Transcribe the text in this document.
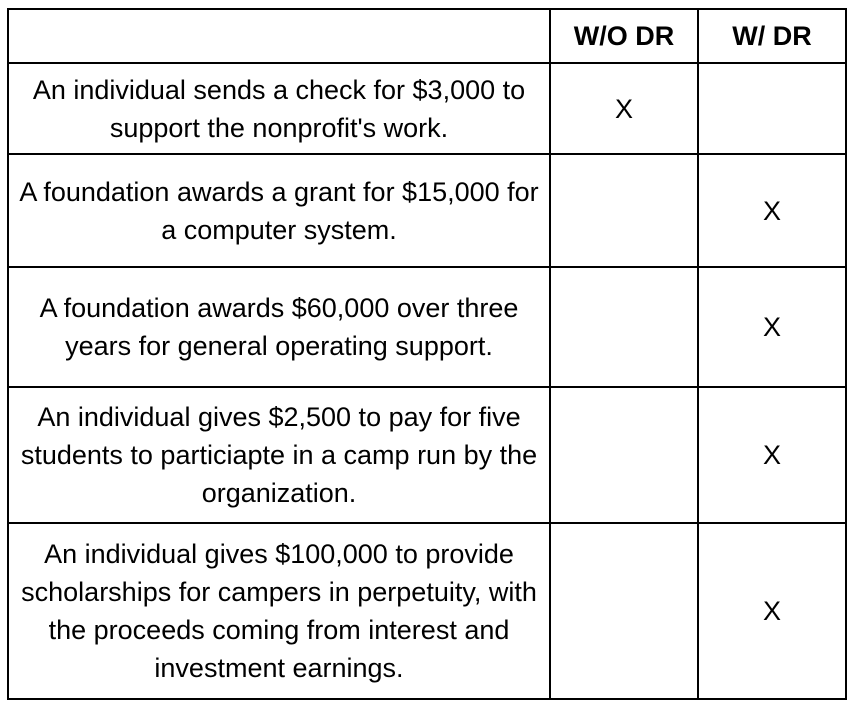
	W/O DR	W/ DR
An individual sends a check for $3,000 to support the nonprofit's work.	X	
A foundation awards a grant for $15,000 for a computer system.		X
A foundation awards $60,000 over three years for general operating support.		X
An individual gives $2,500 to pay for five students to particiapte in a camp run by the organization.		X
An individual gives $100,000 to provide scholarships for campers in perpetuity, with the proceeds coming from interest and investment earnings.		X
